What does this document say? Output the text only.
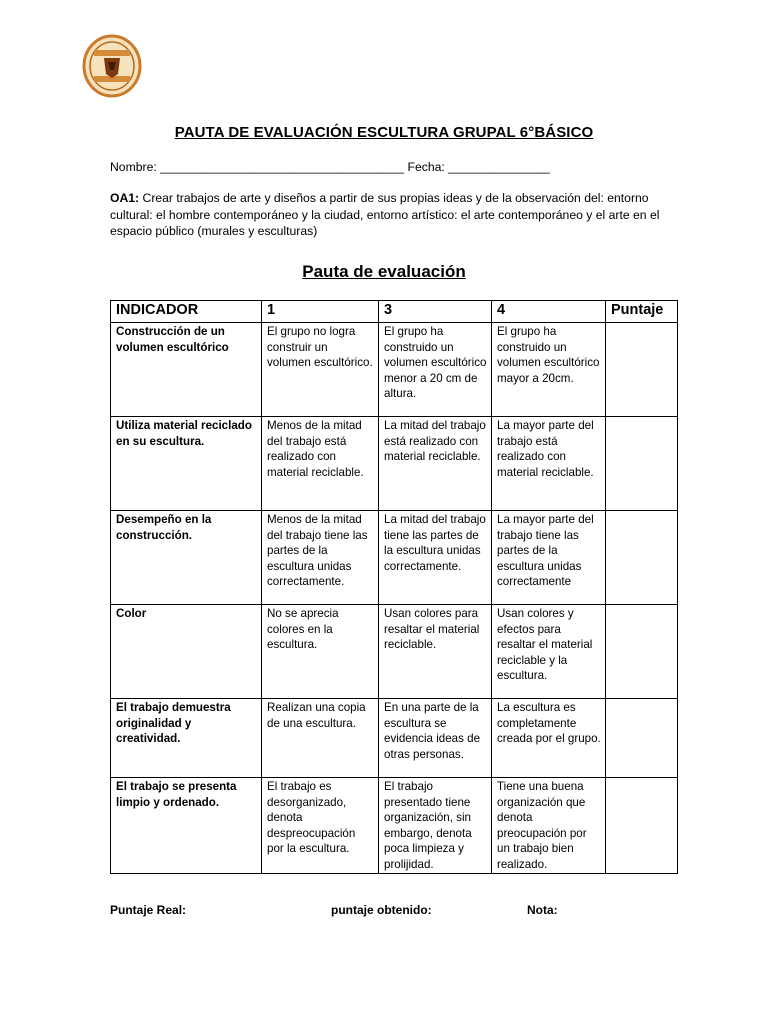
PAUTA DE EVALUACIÓN ESCULTURA GRUPAL 6°BÁSICO
Nombre: ____________________________________ Fecha: _______________
OA1: Crear trabajos de arte y diseños a partir de sus propias ideas y de la observación del: entorno cultural: el hombre contemporáneo y la ciudad, entorno artístico: el arte contemporáneo y el arte en el espacio público (murales y esculturas)
Pauta de evaluación
INDICADOR	1	3	4	Puntaje
Construcción de un volumen escultórico	El grupo no logra construir un volumen escultórico.	El grupo ha construido un volumen escultórico menor a 20 cm de altura.	El grupo ha construido un volumen escultórico mayor a 20cm.	
Utiliza material reciclado en su escultura.	Menos de la mitad del trabajo está realizado con material reciclable.	La mitad del trabajo está realizado con material reciclable.	La mayor parte del trabajo está realizado con material reciclable.	
Desempeño en la construcción.	Menos de la mitad del trabajo tiene las partes de la escultura unidas correctamente.	La mitad del trabajo tiene las partes de la escultura unidas correctamente.	La mayor parte del trabajo tiene las partes de la escultura unidas correctamente	
Color	No se aprecia colores en la escultura.	Usan colores para resaltar el material reciclable.	Usan colores y efectos para resaltar el material reciclable y la escultura.	
El trabajo demuestra originalidad y creatividad.	Realizan una copia de una escultura.	En una parte de la escultura se evidencia ideas de otras personas.	La escultura es completamente creada por el grupo.	
El trabajo se presenta limpio y ordenado.	El trabajo es desorganizado, denota despreocupación por la escultura.	El trabajo presentado tiene organización, sin embargo, denota poca limpieza y prolijidad.	Tiene una buena organización que denota preocupación por un trabajo bien realizado.	
Puntaje Real:	puntaje obtenido:	Nota:
